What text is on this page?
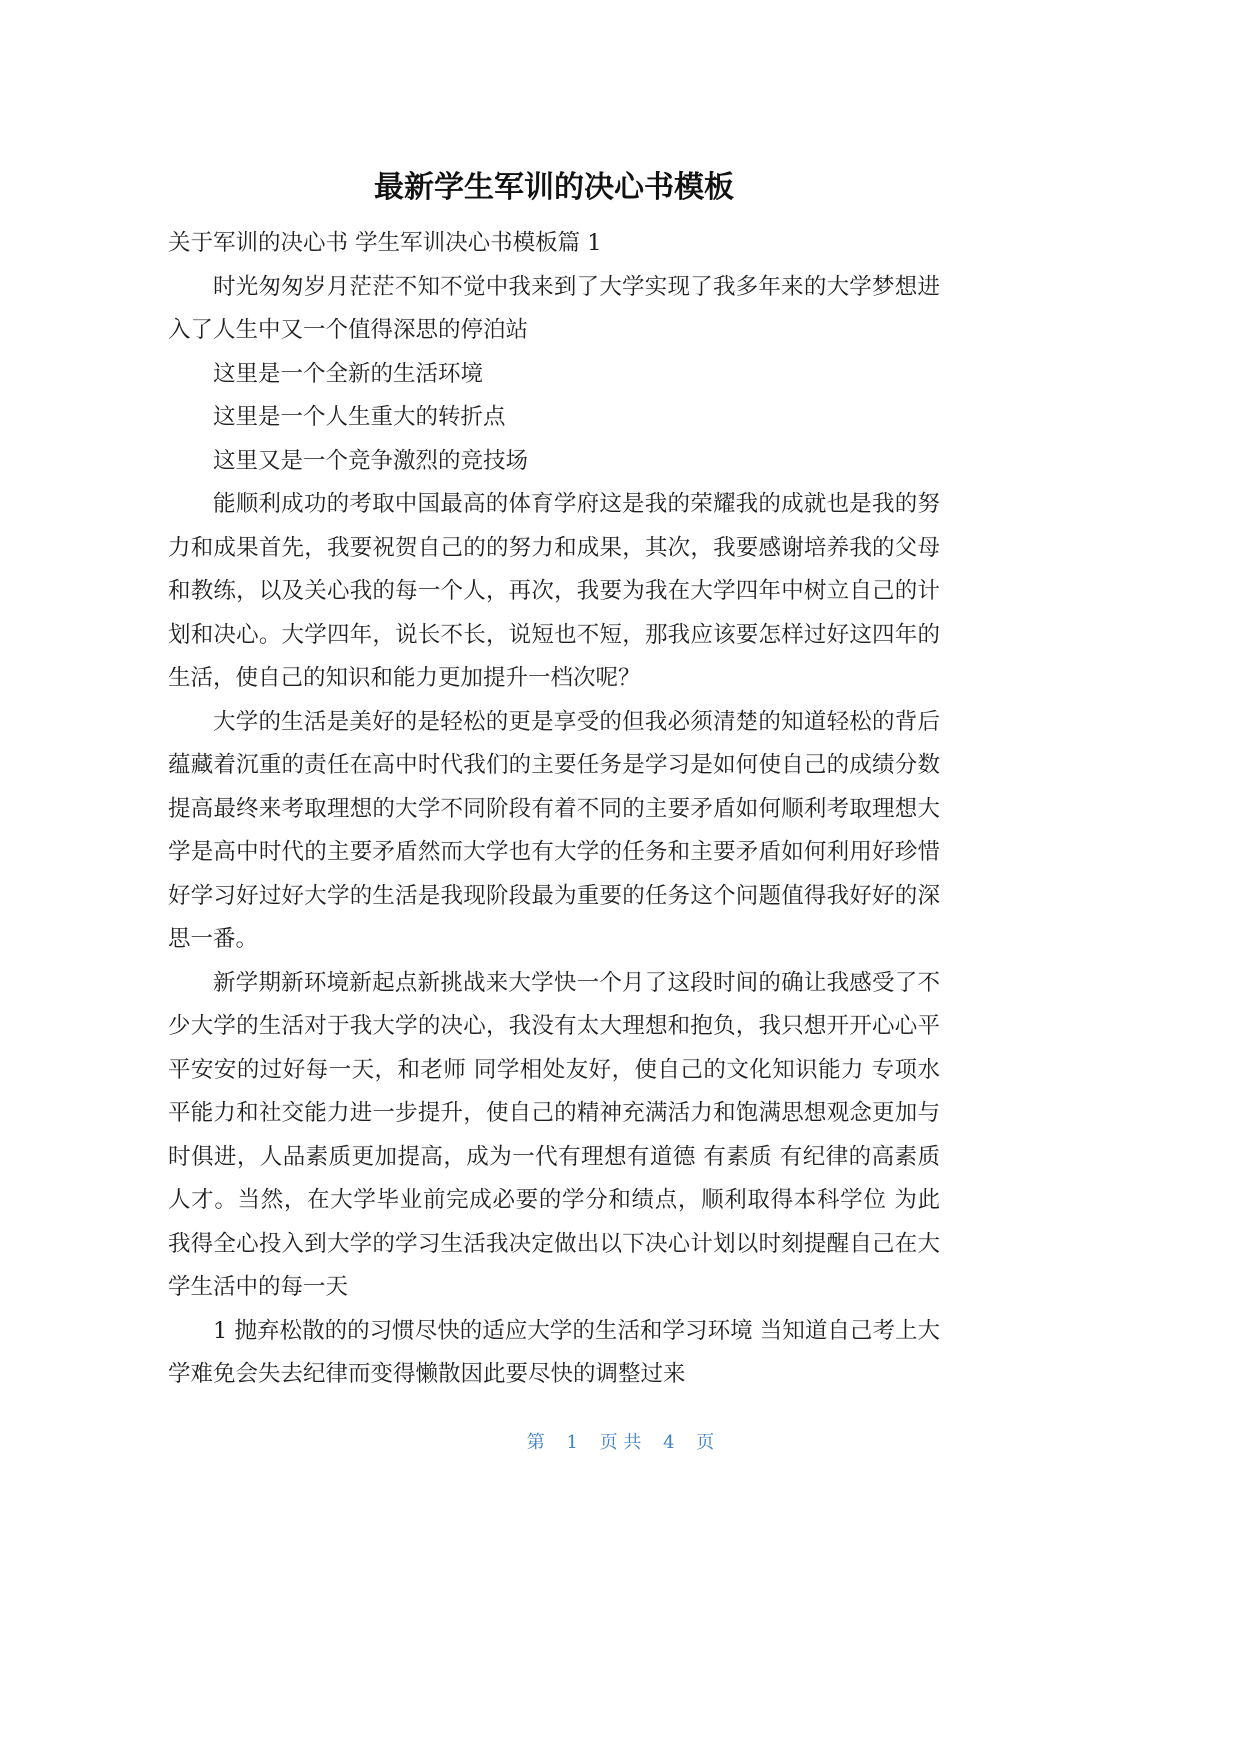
最新学生军训的决心书模板

关于军训的决心书 学生军训决心书模板篇 1

时光匆匆岁月茫茫不知不觉中我来到了大学实现了我多年来的大学梦想进入了人生中又一个值得深思的停泊站

这里是一个全新的生活环境

这里是一个人生重大的转折点

这里又是一个竞争激烈的竞技场

能顺利成功的考取中国最高的体育学府这是我的荣耀我的成就也是我的努力和成果首先，我要祝贺自己的的努力和成果，其次，我要感谢培养我的父母和教练，以及关心我的每一个人，再次，我要为我在大学四年中树立自己的计划和决心。大学四年，说长不长，说短也不短，那我应该要怎样过好这四年的生活，使自己的知识和能力更加提升一档次呢？

大学的生活是美好的是轻松的更是享受的但我必须清楚的知道轻松的背后蕴藏着沉重的责任在高中时代我们的主要任务是学习是如何使自己的成绩分数提高最终来考取理想的大学不同阶段有着不同的主要矛盾如何顺利考取理想大学是高中时代的主要矛盾然而大学也有大学的任务和主要矛盾如何利用好珍惜好学习好过好大学的生活是我现阶段最为重要的任务这个问题值得我好好的深思一番。

新学期新环境新起点新挑战来大学快一个月了这段时间的确让我感受了不少大学的生活对于我大学的决心，我没有太大理想和抱负，我只想开开心心平平安安的过好每一天，和老师 同学相处友好，使自己的文化知识能力 专项水平能力和社交能力进一步提升，使自己的精神充满活力和饱满思想观念更加与时俱进，人品素质更加提高，成为一代有理想有道德 有素质 有纪律的高素质人才。当然，在大学毕业前完成必要的学分和绩点，顺利取得本科学位 为此我得全心投入到大学的学习生活我决定做出以下决心计划以时刻提醒自己在大学生活中的每一天

1 抛弃松散的的习惯尽快的适应大学的生活和学习环境 当知道自己考上大学难免会失去纪律而变得懒散因此要尽快的调整过来

第 1 页 共 4 页
